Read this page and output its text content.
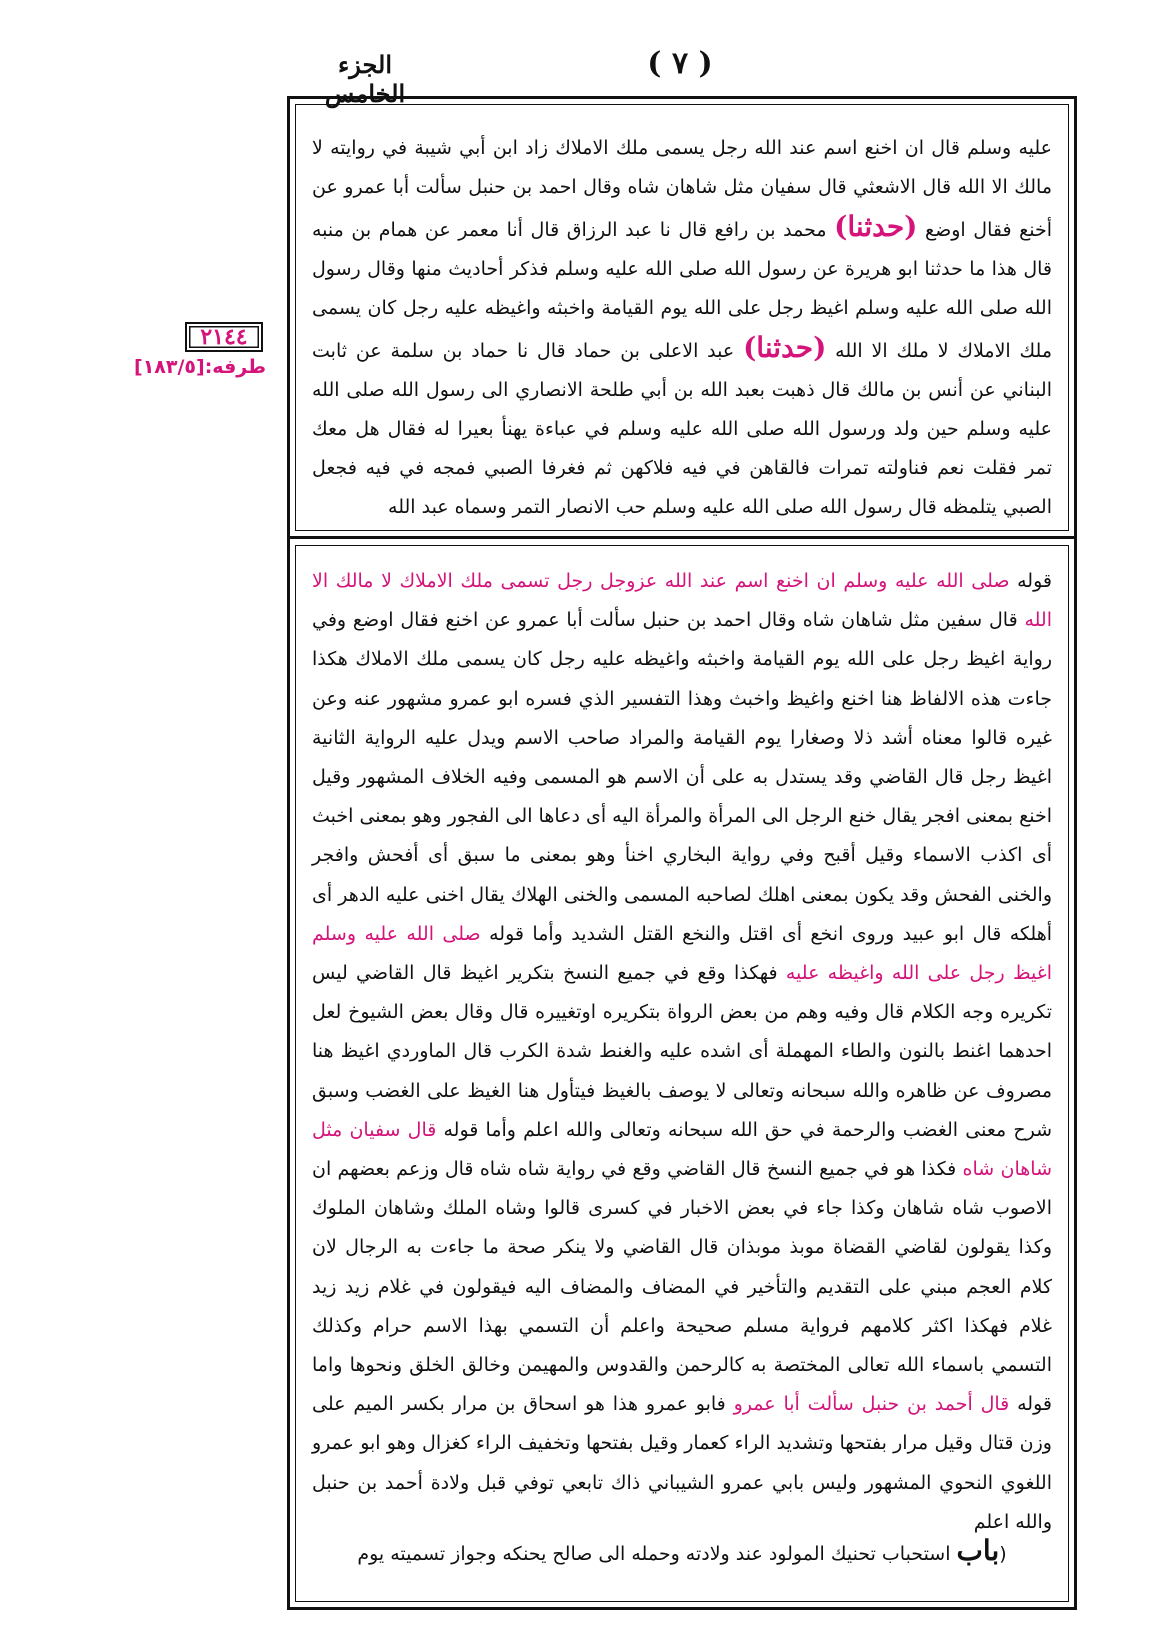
الجزء الخامس
( ٧ )
٢١٤٤
طرفه:[١٨٣/٥]

عليه وسلم قال ان اخنع اسم عند الله رجل يسمى ملك الاملاك زاد ابن أبي شيبة في روايته لا مالك الا الله قال الاشعثي قال سفيان مثل شاهان شاه وقال احمد بن حنبل سألت أبا عمرو عن أخنع فقال اوضع (حدثنا) محمد بن رافع قال نا عبد الرزاق قال أنا معمر عن همام بن منبه قال هذا ما حدثنا ابو هريرة عن رسول الله صلى الله عليه وسلم فذكر أحاديث منها وقال رسول الله صلى الله عليه وسلم اغيظ رجل على الله يوم القيامة واخبثه واغيظه عليه رجل كان يسمى ملك الاملاك لا ملك الا الله (حدثنا) عبد الاعلى بن حماد قال نا حماد بن سلمة عن ثابت البناني عن أنس بن مالك قال ذهبت بعبد الله بن أبي طلحة الانصاري الى رسول الله صلى الله عليه وسلم حين ولد ورسول الله صلى الله عليه وسلم في عباءة يهنأ بعيرا له فقال هل معك تمر فقلت نعم فناولته تمرات فالقاهن في فيه فلاكهن ثم فغرفا الصبي فمجه في فيه فجعل الصبي يتلمظه قال رسول الله صلى الله عليه وسلم حب الانصار التمر وسماه عبد الله

قوله صلى الله عليه وسلم ان اخنع اسم عند الله عزوجل رجل تسمى ملك الاملاك لا مالك الا الله قال سفين مثل شاهان شاه وقال احمد بن حنبل سألت أبا عمرو عن اخنع فقال اوضع وفي رواية اغيظ رجل على الله يوم القيامة واخبثه واغيظه عليه رجل كان يسمى ملك الاملاك هكذا جاءت هذه الالفاظ هنا اخنع واغيظ واخبث وهذا التفسير الذي فسره ابو عمرو مشهور عنه وعن غيره قالوا معناه أشد ذلا وصغارا يوم القيامة والمراد صاحب الاسم ويدل عليه الرواية الثانية اغيظ رجل قال القاضي وقد يستدل به على أن الاسم هو المسمى وفيه الخلاف المشهور وقيل اخنع بمعنى افجر يقال خنع الرجل الى المرأة والمرأة اليه أى دعاها الى الفجور وهو بمعنى اخبث أى اكذب الاسماء وقيل أقبح وفي رواية البخاري اخنأ وهو بمعنى ما سبق أى أفحش وافجر والخنى الفحش وقد يكون بمعنى اهلك لصاحبه المسمى والخنى الهلاك يقال اخنى عليه الدهر أى أهلكه قال ابو عبيد وروى انخع أى اقتل والنخع القتل الشديد وأما قوله صلى الله عليه وسلم اغيظ رجل على الله واغيظه عليه فهكذا وقع في جميع النسخ بتكرير اغيظ قال القاضي ليس تكريره وجه الكلام قال وفيه وهم من بعض الرواة بتكريره اوتغييره قال وقال بعض الشيوخ لعل احدهما اغنط بالنون والطاء المهملة أى اشده عليه والغنط شدة الكرب قال الماوردي اغيظ هنا مصروف عن ظاهره والله سبحانه وتعالى لا يوصف بالغيظ فيتأول هنا الغيظ على الغضب وسبق شرح معنى الغضب والرحمة في حق الله سبحانه وتعالى والله اعلم وأما قوله قال سفيان مثل شاهان شاه فكذا هو في جميع النسخ قال القاضي وقع في رواية شاه شاه قال وزعم بعضهم ان الاصوب شاه شاهان وكذا جاء في بعض الاخبار في كسرى قالوا وشاه الملك وشاهان الملوك وكذا يقولون لقاضي القضاة موبذ موبذان قال القاضي ولا ينكر صحة ما جاءت به الرجال لان كلام العجم مبني على التقديم والتأخير في المضاف والمضاف اليه فيقولون في غلام زيد زيد غلام فهكذا اكثر كلامهم فرواية مسلم صحيحة واعلم أن التسمي بهذا الاسم حرام وكذلك التسمي باسماء الله تعالى المختصة به كالرحمن والقدوس والمهيمن وخالق الخلق ونحوها واما قوله قال أحمد بن حنبل سألت أبا عمرو فابو عمرو هذا هو اسحاق بن مرار بكسر الميم على وزن قتال وقيل مرار بفتحها وتشديد الراء كعمار وقيل بفتحها وتخفيف الراء كغزال وهو ابو عمرو اللغوي النحوي المشهور وليس بابي عمرو الشيباني ذاك تابعي توفي قبل ولادة أحمد بن حنبل والله اعلم

(باب استحباب تحنيك المولود عند ولادته وحمله الى صالح يحنكه وجواز تسميته يوم
